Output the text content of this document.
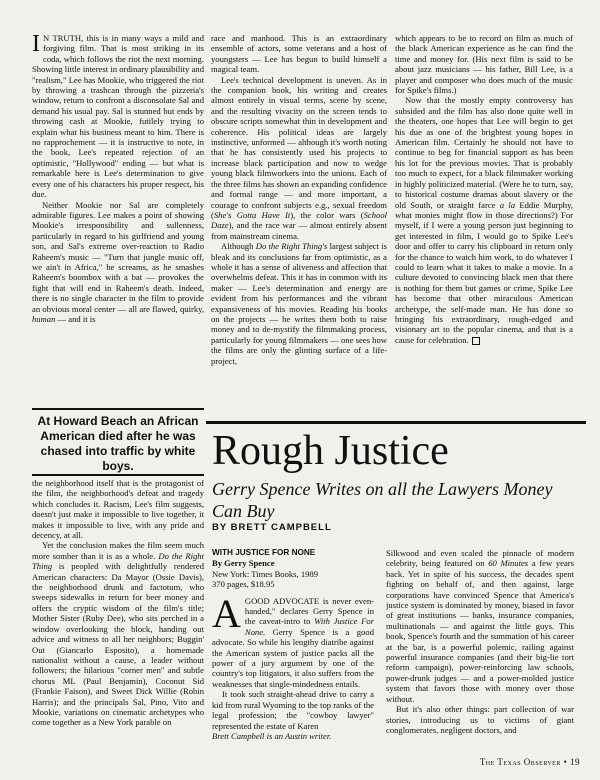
I N TRUTH, this is in many ways a mild and forgiving film. That is most striking in its coda, which follows the riot the next morning. Showing little interest in ordinary plausibility and "realism," Lee has Mookie, who triggered the riot by throwing a trashcan through the pizzeria's window, return to confront a disconsolate Sal and demand his usual pay. Sal is stunned but ends by throwing cash at Mookie, futilely trying to explain what his business meant to him. There is no rapprochement — it is instructive to note, in the book, Lee's repeated rejection of an optimistic, "Hollywood" ending — but what is remarkable here is Lee's determination to give every one of his characters his proper respect, his due.

Neither Mookie nor Sal are completely admirable figures. Lee makes a point of showing Mookie's irresponsibility and sullenness, particularly in regard to his girlfriend and young son, and Sal's extreme over-reaction to Radio Raheem's music — "Turn that jungle music off, we ain't in Africa," he screams, as he smashes Raheem's boombox with a bat — provokes the fight that will end in Raheem's death. Indeed, there is no single character in the film to provide an obvious moral center — all are flawed, quirky, human — and it is

At Howard Beach an African American died after he was chased into traffic by white boys.

the neighborhood itself that is the protagonist of the film, the neighborhood's defeat and tragedy which concludes it. Racism, Lee's film suggests, doesn't just make it impossible to live together, it makes it impossible to live, with any pride and decency, at all.

Yet the conclusion makes the film seem much more somber than it is as a whole. Do the Right Thing is peopled with delightfully rendered American characters: Da Mayor (Ossie Davis), the neighborhood drunk and factotum, who sweeps sidewalks in return for beer money and offers the cryptic wisdom of the film's title; Mother Sister (Ruby Dee), who sits perched in a window overlooking the block, handing out advice and witness to all her neighbors; Buggin' Out (Giancarlo Esposito), a homemade nationalist without a cause, a leader without followers; the hilarious "corner men" and subtle chorus ML (Paul Benjamin), Coconut Sid (Frankie Faison), and Sweet Dick Willie (Robin Harris); and the principals Sal, Pino, Vito and Mookie, variations on cinematic archetypes who come together as a New York parable on

race and manhood. This is an extraordinary ensemble of actors, some veterans and a host of youngsters — Lee has begun to build himself a magical team.

Lee's technical development is uneven. As in the companion book, his writing and creates almost entirely in visual terms, scene by scene, and the resulting vivacity on the screen tends to obscure scripts somewhat thin in development and coherence. His political ideas are largely instinctive, unformed — although it's worth noting that he has consistently used his projects to increase black participation and now to wedge young black filmworkers into the unions. Each of the three films has shown an expanding confidence and formal range — and more important, a courage to confront subjects e.g., sexual freedom (She's Gotta Have It), the color wars (School Daze), and the race war — almost entirely absent from mainstream cinema.

Although Do the Right Thing's largest subject is bleak and its conclusions far from optimistic, as a whole it has a sense of aliveness and affection that overwhelms defeat. This it has in common with its maker — Lee's determination and energy are evident from his performances and the vibrant expansiveness of his movies. Reading his books on the projects — he writes them both to raise money and to de-mystify the filmmaking process, particularly for young filmmakers — one sees how the films are only the glinting surface of a life-project,

which appears to be to record on film as much of the black American experience as he can find the time and money for. (His next film is said to be about jazz musicians — his father, Bill Lee, is a player and composer who does much of the music for Spike's films.)

Now that the mostly empty controversy has subsided and the film has also done quite well in the theaters, one hopes that Lee will begin to get his due as one of the brightest young hopes in American film. Certainly he should not have to continue to beg for financial support as has been his lot for the previous movies. That is probably too much to expect, for a black filmmaker working in highly politicized material. (Were he to turn, say, to historical costume dramas about slavery or the old South, or straight farce a la Eddie Murphy, what monies might flow in those directions?) For myself, if I were a young person just beginning to get interested in film, I would go to Spike Lee's door and offer to carry his clipboard in return only for the chance to watch him work, to do whatever I could to learn what it takes to make a movie. In a culture devoted to convincing black men that there is nothing for them but games or crime, Spike Lee has become that other miraculous American archetype, the self-made man. He has done so bringing his extraordinary, rough-edged and visionary art to the popular cinema, and that is a cause for celebration.

Rough Justice
Gerry Spence Writes on all the Lawyers Money Can Buy
BY BRETT CAMPBELL
WITH JUSTICE FOR NONE
By Gerry Spence
New York: Times Books, 1989
370 pages, $18.95

A GOOD ADVOCATE is never even-handed," declares Gerry Spence in the caveat-intro to With Justice For None. Gerry Spence is a good advocate. So while his lengthy diatribe against the American system of justice packs all the power of a jury argument by one of the country's top litigators, it also suffers from the weaknesses that single-mindedness entails.

It took such straight-ahead drive to carry a kid from rural Wyoming to the top ranks of the legal profession; the "cowboy lawyer" represented the estate of Karen

Brett Campbell is an Austin writer.

Silkwood and even scaled the pinnacle of modern celebrity, being featured on 60 Minutes a few years back. Yet in spite of his success, the decades spent fighting on behalf of, and then against, large corporations have convinced Spence that America's justice system is dominated by money, biased in favor of great institutions — banks, insurance companies, multinationals — and against the little guys. This book, Spence's fourth and the summation of his career at the bar, is a powerful polemic, railing against powerful insurance companies (and their big-lie tort reform campaign), power-reinforcing law schools, power-drunk judges — and a power-molded justice system that favors those with money over those without.

But it's also other things: part collection of war stories, introducing us to victims of giant conglomerates, negligent doctors, and

The Texas Observer • 19
